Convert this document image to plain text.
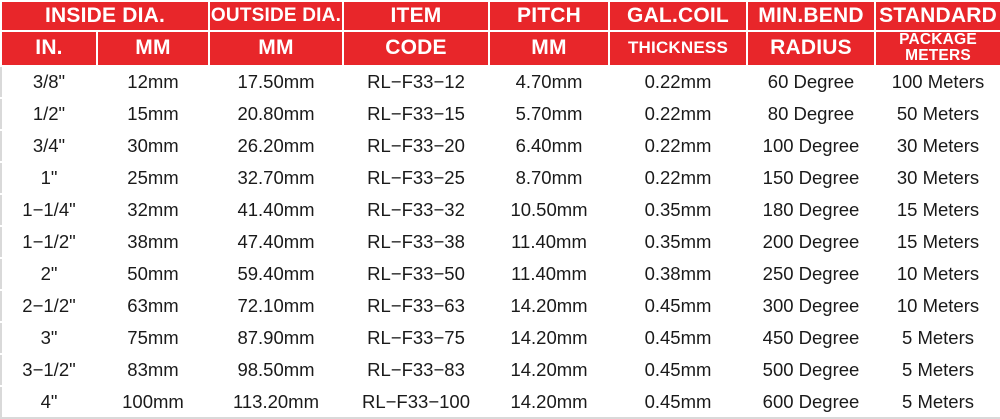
INSIDE DIA.		OUTSIDE DIA.	ITEM	PITCH	GAL.COIL	MIN.BEND	STANDARD
IN.	MM	MM	CODE	MM	THICKNESS	RADIUS	PACKAGE METERS
3/8"	12mm	17.50mm	RL−F33−12	4.70mm	0.22mm	60 Degree	100 Meters
1/2"	15mm	20.80mm	RL−F33−15	5.70mm	0.22mm	80 Degree	50 Meters
3/4"	30mm	26.20mm	RL−F33−20	6.40mm	0.22mm	100 Degree	30 Meters
1"	25mm	32.70mm	RL−F33−25	8.70mm	0.22mm	150 Degree	30 Meters
1−1/4"	32mm	41.40mm	RL−F33−32	10.50mm	0.35mm	180 Degree	15 Meters
1−1/2"	38mm	47.40mm	RL−F33−38	11.40mm	0.35mm	200 Degree	15 Meters
2"	50mm	59.40mm	RL−F33−50	11.40mm	0.38mm	250 Degree	10 Meters
2−1/2"	63mm	72.10mm	RL−F33−63	14.20mm	0.45mm	300 Degree	10 Meters
3"	75mm	87.90mm	RL−F33−75	14.20mm	0.45mm	450 Degree	5 Meters
3−1/2"	83mm	98.50mm	RL−F33−83	14.20mm	0.45mm	500 Degree	5 Meters
4"	100mm	113.20mm	RL−F33−100	14.20mm	0.45mm	600 Degree	5 Meters
